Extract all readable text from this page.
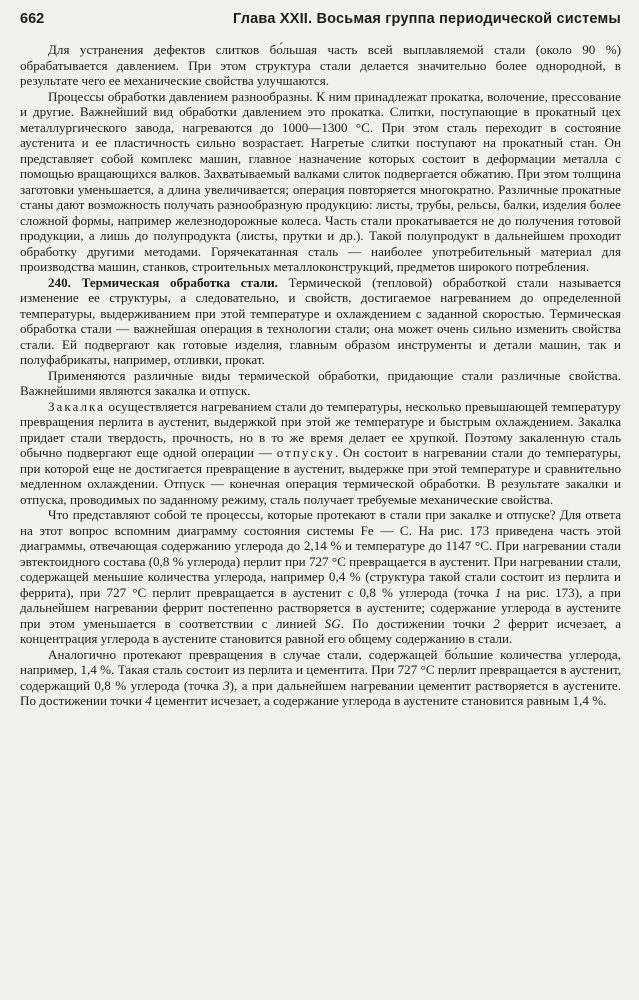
662	Глава XXII. Восьмая группа периодической системы

Для устранения дефектов слитков бо́льшая часть всей выплавляемой стали (около 90 %) обрабатывается давлением. При этом структура стали делается значительно более однородной, в результате чего ее механические свойства улучшаются.

Процессы обработки давлением разнообразны. К ним принадлежат прокатка, волочение, прессование и другие. Важнейший вид обработки давлением это прокатка. Слитки, поступающие в прокатный цех металлургического завода, нагреваются до 1000—1300 °С. При этом сталь переходит в состояние аустенита и ее пластичность сильно возрастает. Нагретые слитки поступают на прокатный стан. Он представляет собой комплекс машин, главное назначение которых состоит в деформации металла с помощью вращающихся валков. Захватываемый валками слиток подвергается обжатию. При этом толщина заготовки уменьшается, а длина увеличивается; операция повторяется многократно. Различные прокатные станы дают возможность получать разнообразную продукцию: листы, трубы, рельсы, балки, изделия более сложной формы, например железнодорожные колеса. Часть стали прокатывается не до получения готовой продукции, а лишь до полупродукта (листы, прутки и др.). Такой полупродукт в дальнейшем проходит обработку другими методами. Горячекатанная сталь — наиболее употребительный материал для производства машин, станков, строительных металлоконструкций, предметов широкого потребления.

240. Термическая обработка стали. Термической (тепловой) обработкой стали называется изменение ее структуры, а следовательно, и свойств, достигаемое нагреванием до определенной температуры, выдерживанием при этой температуре и охлаждением с заданной скоростью. Термическая обработка стали — важнейшая операция в технологии стали; она может очень сильно изменить свойства стали. Ей подвергают как готовые изделия, главным образом инструменты и детали машин, так и полуфабрикаты, например, отливки, прокат.

Применяются различные виды термической обработки, придающие стали различные свойства. Важнейшими являются закалка и отпуск.

Закалка осуществляется нагреванием стали до температуры, несколько превышающей температуру превращения перлита в аустенит, выдержкой при этой же температуре и быстрым охлаждением. Закалка придает стали твердость, прочность, но в то же время делает ее хрупкой. Поэтому закаленную сталь обычно подвергают еще одной операции — отпуску. Он состоит в нагревании стали до температуры, при которой еще не достигается превращение в аустенит, выдержке при этой температуре и сравнительно медленном охлаждении. Отпуск — конечная операция термической обработки. В результате закалки и отпуска, проводимых по заданному режиму, сталь получает требуемые механические свойства.

Что представляют собой те процессы, которые протекают в стали при закалке и отпуске? Для ответа на этот вопрос вспомним диаграмму состояния системы Fe — С. На рис. 173 приведена часть этой диаграммы, отвечающая содержанию углерода до 2,14 % и температуре до 1147 °С. При нагревании стали эвтектоидного состава (0,8 % углерода) перлит при 727 °С превращается в аустенит. При нагревании стали, содержащей меньшие количества углерода, например 0,4 % (структура такой стали состоит из перлита и феррита), при 727 °С перлит превращается в аустенит с 0,8 % углерода (точка 1 на рис. 173), а при дальнейшем нагревании феррит постепенно растворяется в аустените; содержание углерода в аустените при этом уменьшается в соответствии с линией SG. По достижении точки 2 феррит исчезает, а концентрация углерода в аустените становится равной его общему содержанию в стали.

Аналогично протекают превращения в случае стали, содержащей бо́льшие количества углерода, например, 1,4 %. Такая сталь состоит из перлита и цементита. При 727 °С перлит превращается в аустенит, содержащий 0,8 % углерода (точка 3), а при дальнейшем нагревании цементит растворяется в аустените. По достижении точки 4 цементит исчезает, а содержание углерода в аустените становится равным 1,4 %.
